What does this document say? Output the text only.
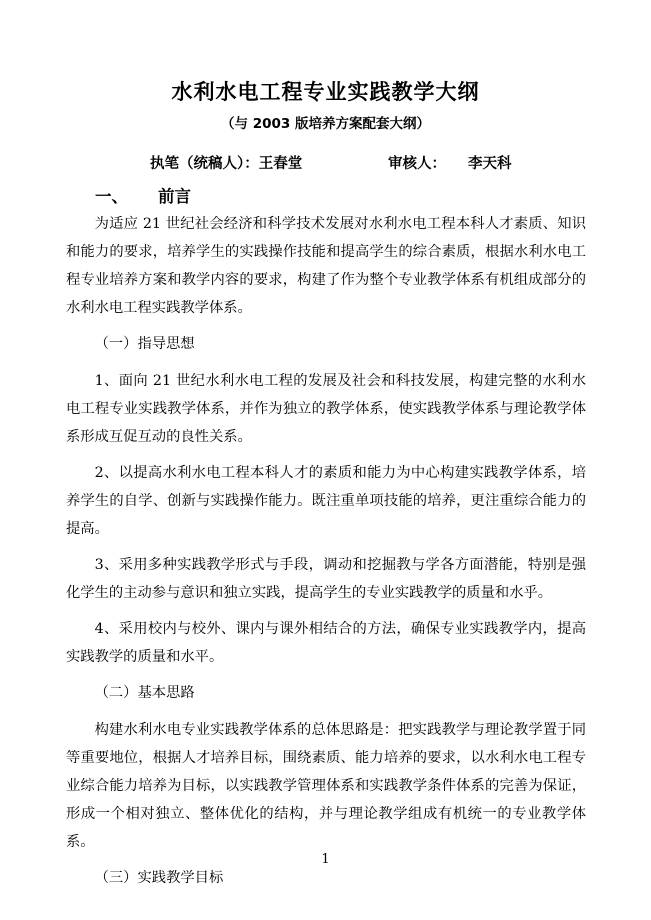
水利水电工程专业实践教学大纲
（与 2003 版培养方案配套大纲）
执笔（统稿人）：王春堂	审核人： 李天科
一、 前言

为适应 21 世纪社会经济和科学技术发展对水利水电工程本科人才素质、知识和能力的要求，培养学生的实践操作技能和提高学生的综合素质，根据水利水电工程专业培养方案和教学内容的要求，构建了作为整个专业教学体系有机组成部分的水利水电工程实践教学体系。

（一）指导思想

1、面向 21 世纪水利水电工程的发展及社会和科技发展，构建完整的水利水电工程专业实践教学体系，并作为独立的教学体系，使实践教学体系与理论教学体系形成互促互动的良性关系。

2、以提高水利水电工程本科人才的素质和能力为中心构建实践教学体系，培养学生的自学、创新与实践操作能力。既注重单项技能的培养，更注重综合能力的提高。

3、采用多种实践教学形式与手段，调动和挖掘教与学各方面潜能，特别是强化学生的主动参与意识和独立实践，提高学生的专业实践教学的质量和水乎。

4、采用校内与校外、课内与课外相结合的方法，确保专业实践教学内，提高实践教学的质量和水平。

（二）基本思路

构建水利水电专业实践教学体系的总体思路是：把实践教学与理论教学置于同等重要地位，根据人才培养目标，围绕素质、能力培养的要求，以水利水电工程专业综合能力培养为目标，以实践教学管理体系和实践教学条件体系的完善为保证，形成一个相对独立、整体优化的结构，并与理论教学组成有机统一的专业教学体系。

（三）实践教学目标

1
